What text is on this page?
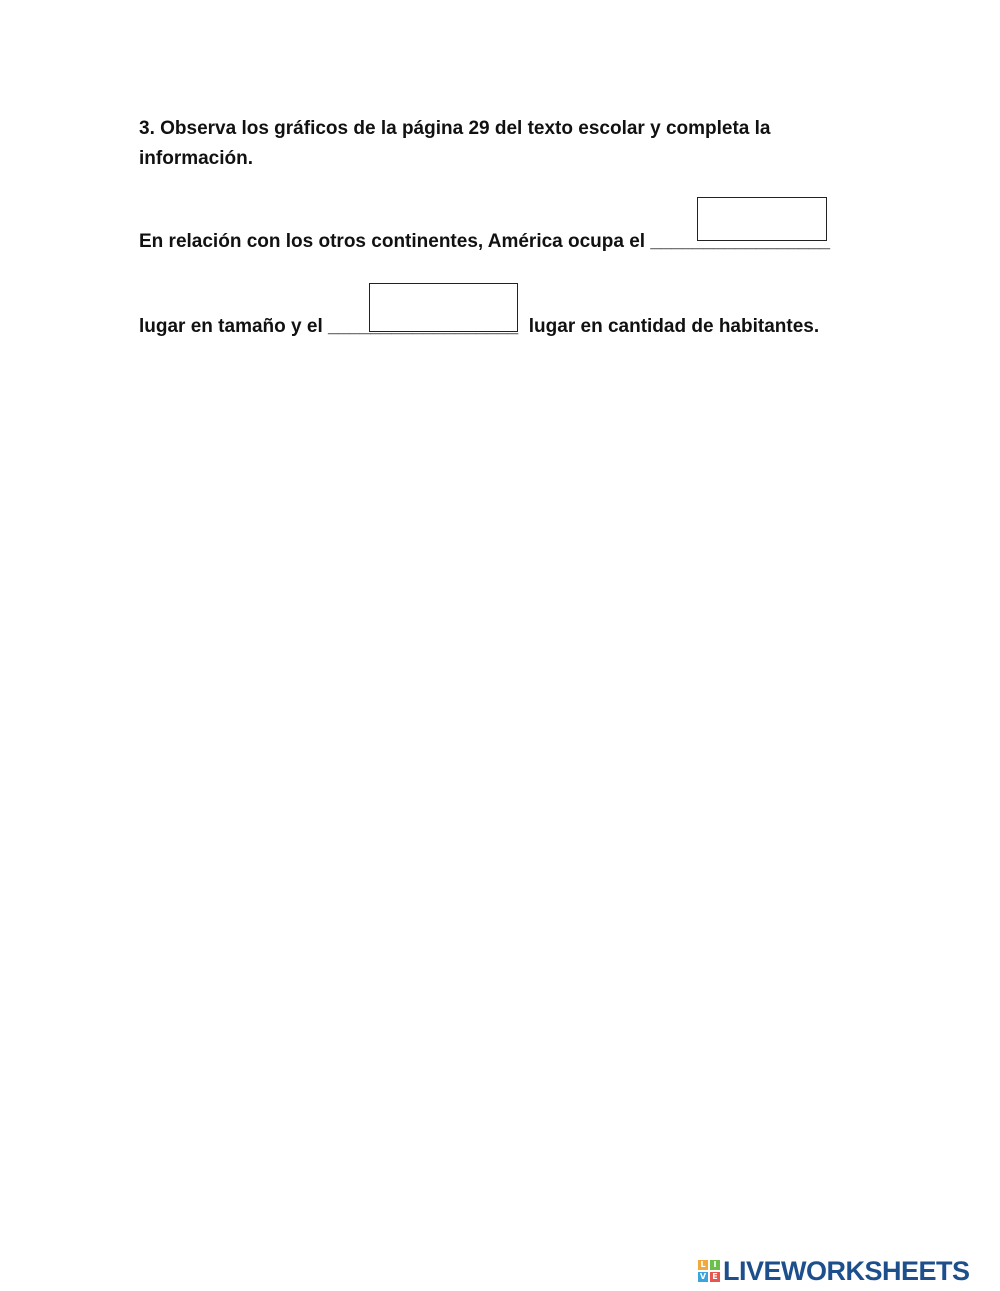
3. Observa los gráficos de la página 29 del texto escolar y completa la

información.

En relación con los otros continentes, América ocupa el _________________

lugar en tamaño y el __________________  lugar en cantidad de habitantes.

L I
V E LIVEWORKSHEETS
